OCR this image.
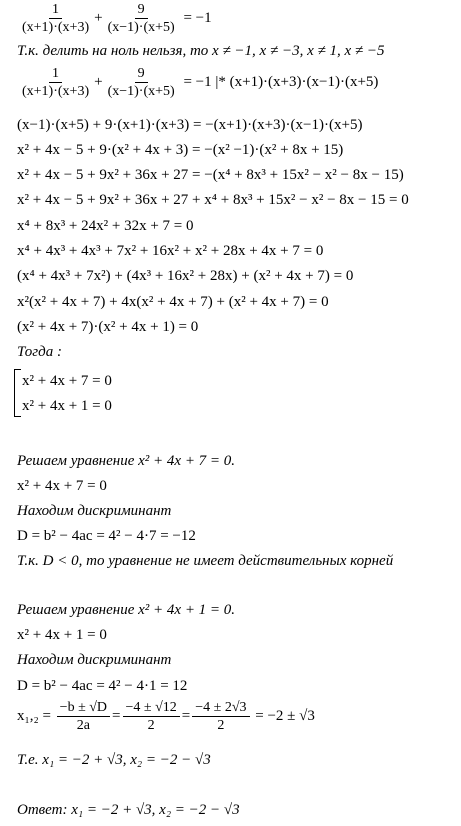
$\frac{1}{(x+1)\cdot(x+3)} + \frac{9}{(x-1)\cdot(x+5)} = -1$
Т.к. делить на ноль нельзя, то x ≠ −1, x ≠ −3, x ≠ 1, x ≠ −5
$\frac{1}{(x+1)\cdot(x+3)} + \frac{9}{(x-1)\cdot(x+5)} = -1$ |* (x+1)·(x+3)·(x−1)·(x+5)
(x−1)·(x+5) + 9·(x+1)·(x+3) = −(x+1)·(x+3)·(x−1)·(x+5)
x² + 4x − 5 + 9·(x² + 4x + 3) = −(x² −1)·(x² + 8x + 15)
x² + 4x − 5 + 9x² + 36x + 27 = −(x⁴ + 8x³ + 15x² − x² − 8x − 15)
x² + 4x − 5 + 9x² + 36x + 27 + x⁴ + 8x³ + 15x² − x² − 8x − 15 = 0
x⁴ + 8x³ + 24x² + 32x + 7 = 0
x⁴ + 4x³ + 4x³ + 7x² + 16x² + x² + 28x + 4x + 7 = 0
(x⁴ + 4x³ + 7x²) + (4x³ + 16x² + 28x) + (x² + 4x + 7) = 0
x²(x² + 4x + 7) + 4x(x² + 4x + 7) + (x² + 4x + 7) = 0
(x² + 4x + 7)·(x² + 4x + 1) = 0
Тогда :
x² + 4x + 7 = 0
x² + 4x + 1 = 0
Решаем уравнение x² + 4x + 7 = 0.
x² + 4x + 7 = 0
Находим дискриминант
D = b² − 4ac = 4² − 4·7 = −12
Т.к. D < 0, то уравнение не имеет действительных корней
Решаем уравнение x² + 4x + 1 = 0.
x² + 4x + 1 = 0
Находим дискриминант
D = b² − 4ac = 4² − 4·1 = 12
$x_1,_2 = \frac{-b \pm √D}{2a} = \frac{-4 \pm √12}{2} = \frac{-4 \pm 2√3}{2} = -2 \pm √3$
Т.е. x₁ = −2 + √3, x₂ = −2 − √3
Ответ: x₁ = −2 + √3, x₂ = −2 − √3
